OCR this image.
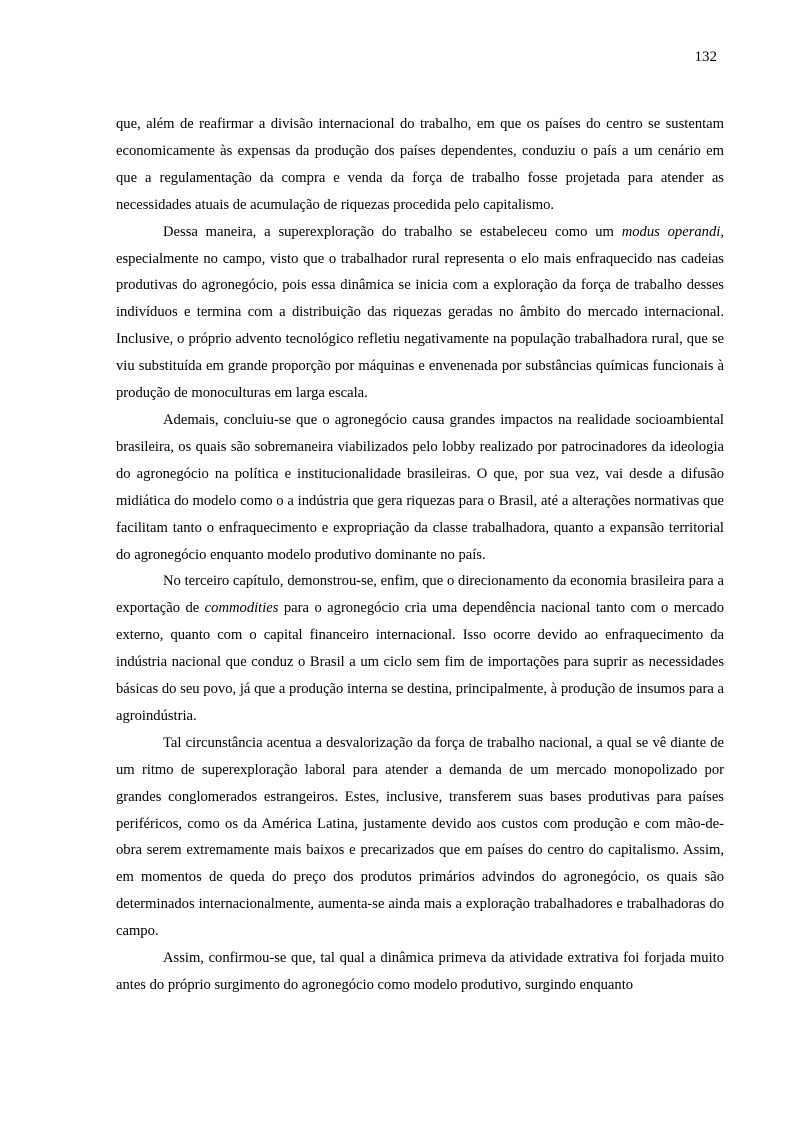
132

que, além de reafirmar a divisão internacional do trabalho, em que os países do centro se sustentam economicamente às expensas da produção dos países dependentes, conduziu o país a um cenário em que a regulamentação da compra e venda da força de trabalho fosse projetada para atender as necessidades atuais de acumulação de riquezas procedida pelo capitalismo.

Dessa maneira, a superexploração do trabalho se estabeleceu como um modus operandi, especialmente no campo, visto que o trabalhador rural representa o elo mais enfraquecido nas cadeias produtivas do agronegócio, pois essa dinâmica se inicia com a exploração da força de trabalho desses indivíduos e termina com a distribuição das riquezas geradas no âmbito do mercado internacional. Inclusive, o próprio advento tecnológico refletiu negativamente na população trabalhadora rural, que se viu substituída em grande proporção por máquinas e envenenada por substâncias químicas funcionais à produção de monoculturas em larga escala.

Ademais, concluiu-se que o agronegócio causa grandes impactos na realidade socioambiental brasileira, os quais são sobremaneira viabilizados pelo lobby realizado por patrocinadores da ideologia do agronegócio na política e institucionalidade brasileiras. O que, por sua vez, vai desde a difusão midiática do modelo como o a indústria que gera riquezas para o Brasil, até a alterações normativas que facilitam tanto o enfraquecimento e expropriação da classe trabalhadora, quanto a expansão territorial do agronegócio enquanto modelo produtivo dominante no país.

No terceiro capítulo, demonstrou-se, enfim, que o direcionamento da economia brasileira para a exportação de commodities para o agronegócio cria uma dependência nacional tanto com o mercado externo, quanto com o capital financeiro internacional. Isso ocorre devido ao enfraquecimento da indústria nacional que conduz o Brasil a um ciclo sem fim de importações para suprir as necessidades básicas do seu povo, já que a produção interna se destina, principalmente, à produção de insumos para a agroindústria.

Tal circunstância acentua a desvalorização da força de trabalho nacional, a qual se vê diante de um ritmo de superexploração laboral para atender a demanda de um mercado monopolizado por grandes conglomerados estrangeiros. Estes, inclusive, transferem suas bases produtivas para países periféricos, como os da América Latina, justamente devido aos custos com produção e com mão-de-obra serem extremamente mais baixos e precarizados que em países do centro do capitalismo. Assim, em momentos de queda do preço dos produtos primários advindos do agronegócio, os quais são determinados internacionalmente, aumenta-se ainda mais a exploração trabalhadores e trabalhadoras do campo.

Assim, confirmou-se que, tal qual a dinâmica primeva da atividade extrativa foi forjada muito antes do próprio surgimento do agronegócio como modelo produtivo, surgindo enquanto
